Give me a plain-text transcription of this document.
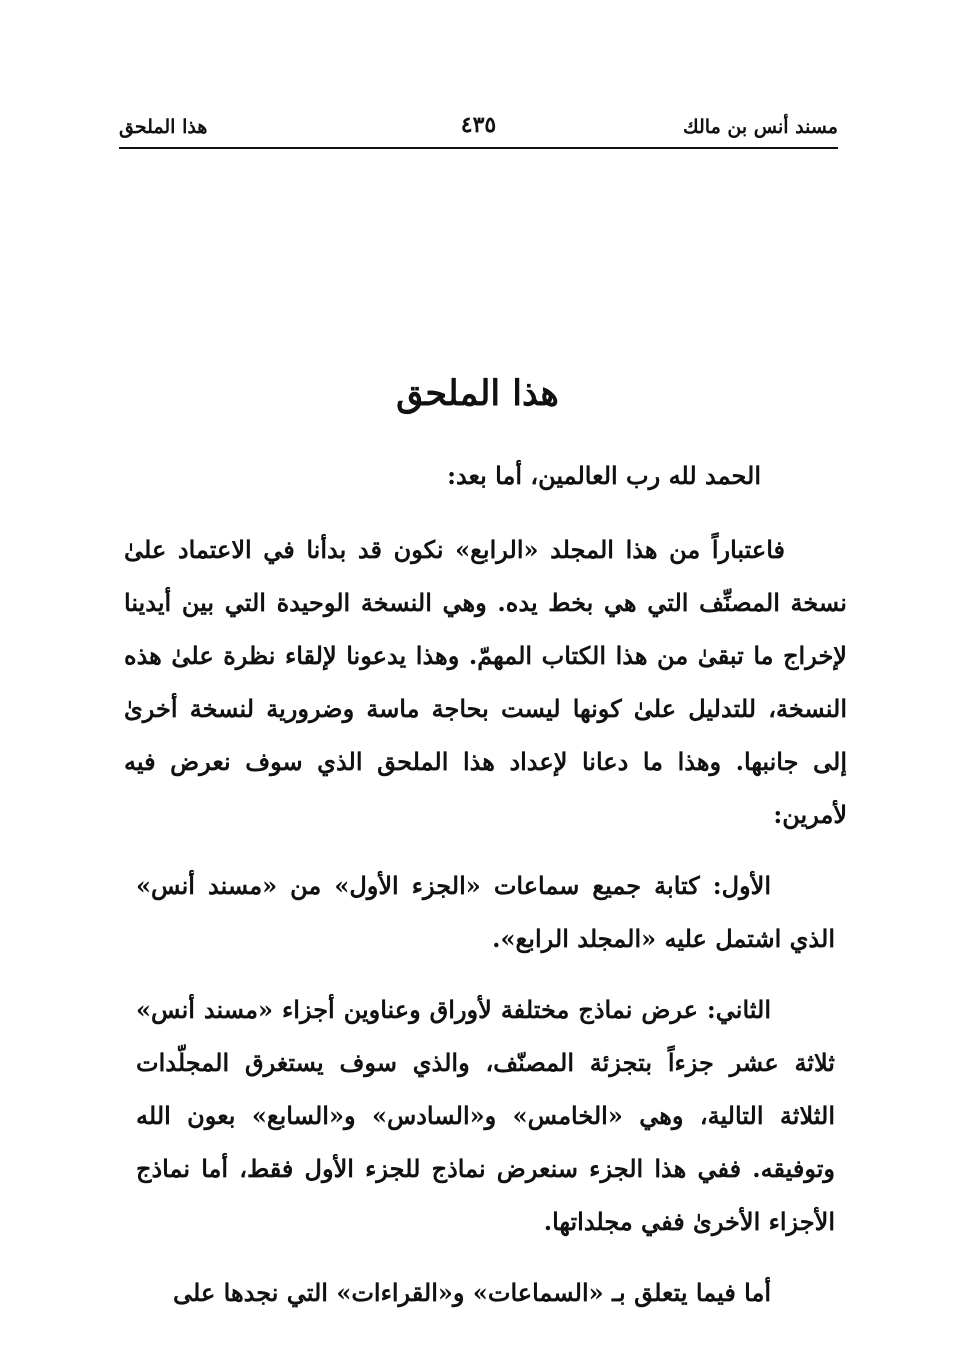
مسند أنس بن مالك
٤٣٥
هذا الملحق
هذا الملحق

الحمد لله رب العالمين، أما بعد:

فاعتباراً من هذا المجلد «الرابع» نكون قد بدأنا في الاعتماد علىٰ نسخة المصنِّف التي هي بخط يده. وهي النسخة الوحيدة التي بين أيدينا لإخراج ما تبقىٰ من هذا الكتاب المهمّ. وهذا يدعونا لإلقاء نظرة علىٰ هذه النسخة، للتدليل علىٰ كونها ليست بحاجة ماسة وضرورية لنسخة أخرىٰ إلى جانبها. وهذا ما دعانا لإعداد هذا الملحق الذي سوف نعرض فيه لأمرين:

الأول: كتابة جميع سماعات «الجزء الأول» من «مسند أنس» الذي اشتمل عليه «المجلد الرابع».

الثاني: عرض نماذج مختلفة لأوراق وعناوين أجزاء «مسند أنس» ثلاثة عشر جزءاً بتجزئة المصنّف، والذي سوف يستغرق المجلّدات الثلاثة التالية، وهي «الخامس» و«السادس» و«السابع» بعون الله وتوفيقه. ففي هذا الجزء سنعرض نماذج للجزء الأول فقط، أما نماذج الأجزاء الأخرىٰ ففي مجلداتها.

أما فيما يتعلق بـ «السماعات» و«القراءات» التي نجدها على
